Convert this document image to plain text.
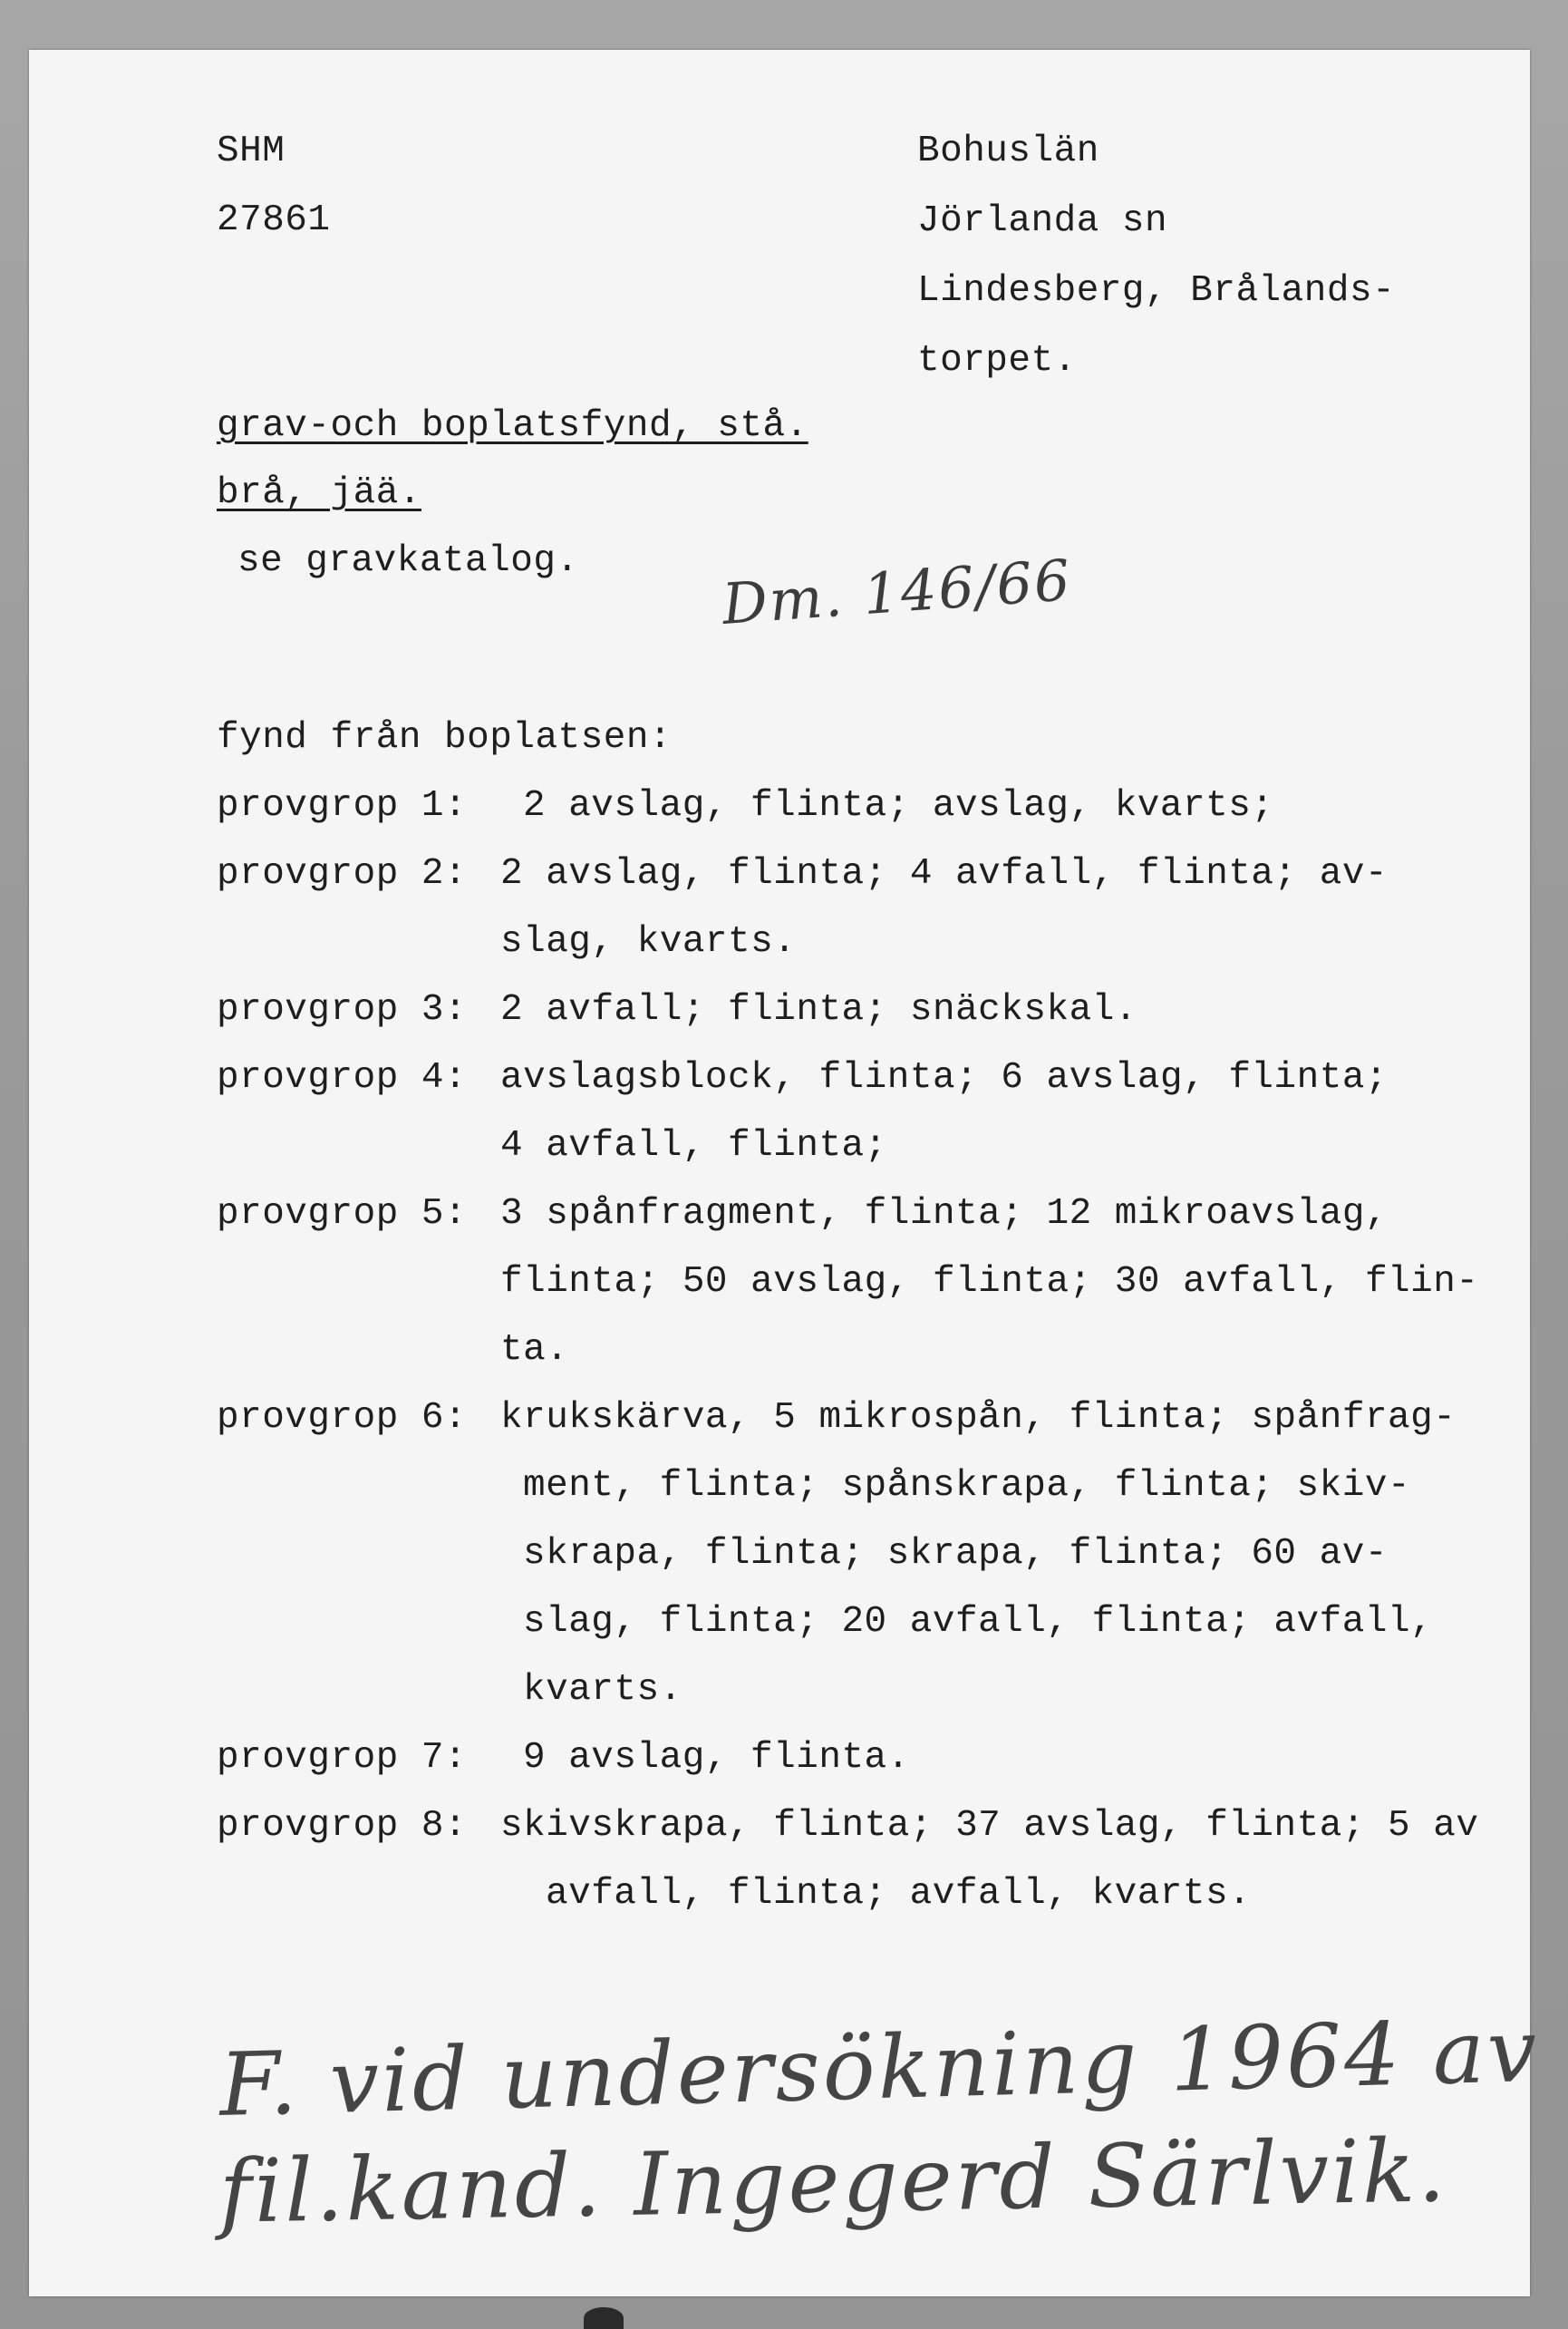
SHM
27861
Bohuslän
Jörlanda sn
Lindesberg, Brålands-
torpet.
grav-och boplatsfynd, stå.
brå, jää.
se gravkatalog.	Dm. 146/66
fynd från boplatsen:
provgrop 1: 2 avslag, flinta; avslag, kvarts;
provgrop 2: 2 avslag, flinta; 4 avfall, flinta; av-
slag, kvarts.
provgrop 3: 2 avfall; flinta; snäckskal.
provgrop 4: avslagsblock, flinta; 6 avslag, flinta;
4 avfall, flinta;
provgrop 5: 3 spånfragment, flinta; 12 mikroavslag,
flinta; 50 avslag, flinta; 30 avfall, flin-
ta.
provgrop 6: krukskärva, 5 mikrospån, flinta; spånfrag-
ment, flinta; spånskrapa, flinta; skiv-
skrapa, flinta; skrapa, flinta; 60 av-
slag, flinta; 20 avfall, flinta; avfall,
kvarts.
provgrop 7: 9 avslag, flinta.
provgrop 8: skivskrapa, flinta; 37 avslag, flinta; 5 av
avfall, flinta; avfall, kvarts.
F. vid undersökning 1964 av
fil.kand. Ingegerd Särlvik.
